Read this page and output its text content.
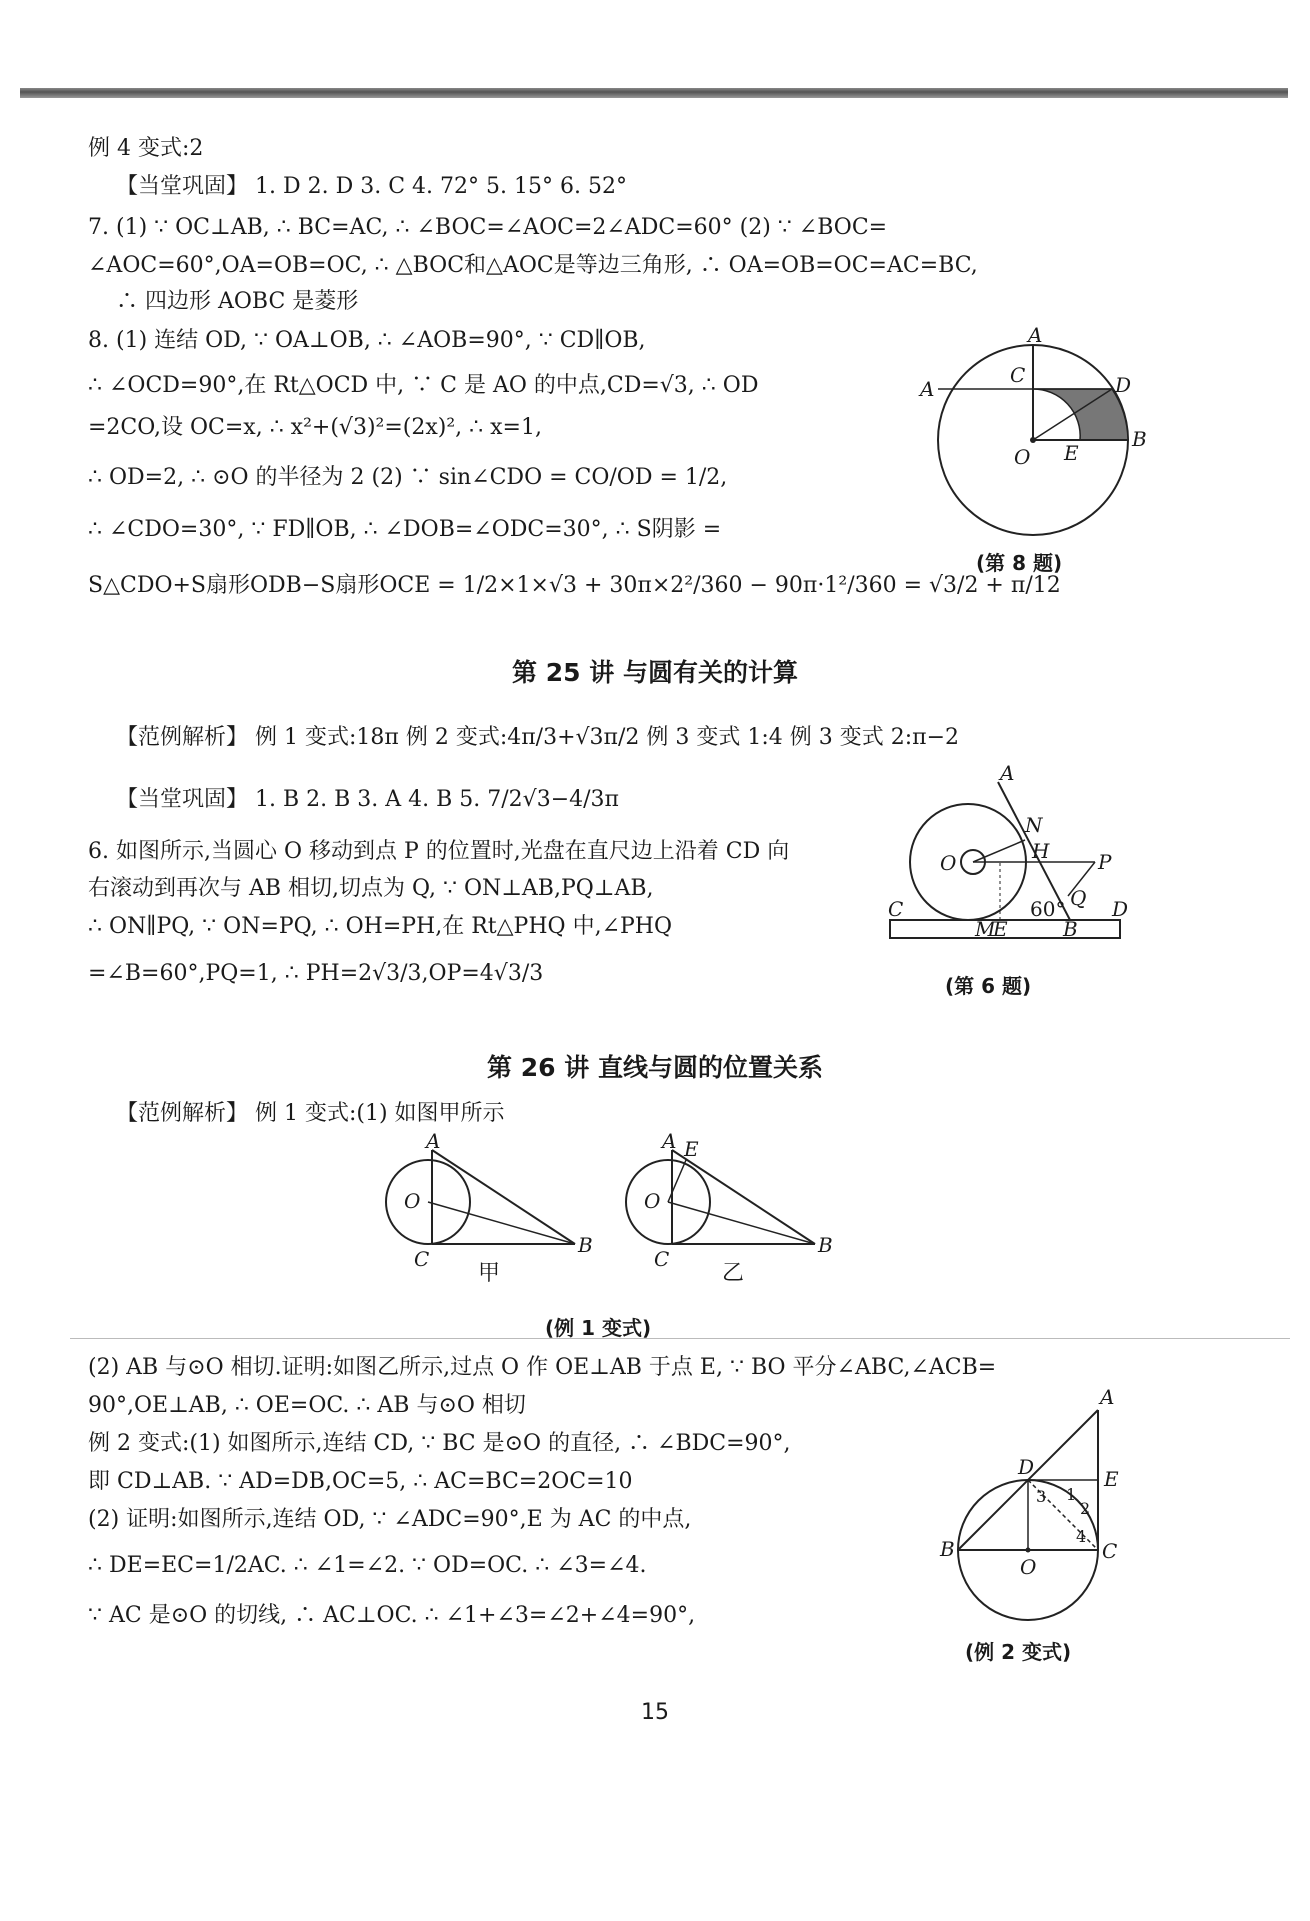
例 4 变式:2
【当堂巩固】 1. D 2. D 3. C 4. 72° 5. 15° 6. 52°
7. (1) ∵ OC⊥AB, ∴ BC=AC, ∴ ∠BOC=∠AOC=2∠ADC=60° (2) ∵ ∠BOC=
∠AOC=60°,OA=OB=OC, ∴ △BOC和△AOC是等边三角形, ∴ OA=OB=OC=AC=BC,
∴ 四边形 AOBC 是菱形
8. (1) 连结 OD, ∵ OA⊥OB, ∴ ∠AOB=90°, ∵ CD∥OB,
∴ ∠OCD=90°,在 Rt△OCD 中, ∵ C 是 AO 的中点,CD=√3, ∴ OD
=2CO,设 OC=x, ∴ x²+(√3)²=(2x)², ∴ x=1,
∴ OD=2, ∴ ⊙O 的半径为 2 (2) ∵ sin∠CDO = CO/OD = 1/2,
∴ ∠CDO=30°, ∵ FD∥OB, ∴ ∠DOB=∠ODC=30°, ∴ S阴影 =
S△CDO+S扇形ODB−S扇形OCE = 1/2×1×√3 + 30π×2²/360 − 90π·1²/360 = √3/2 + π/12
A
A
C	D
B
O E
(第 8 题)
第 25 讲 与圆有关的计算
【范例解析】 例 1 变式:18π 例 2 变式:4π/3+√3π/2 例 3 变式 1:4 例 3 变式 2:π−2
【当堂巩固】 1. B 2. B 3. A 4. B 5. 7/2√3−4/3π
6. 如图所示,当圆心 O 移动到点 P 的位置时,光盘在直尺边上沿着 CD 向
右滚动到再次与 AB 相切,切点为 Q, ∵ ON⊥AB,PQ⊥AB,
∴ ON∥PQ, ∵ ON=PQ, ∴ OH=PH,在 Rt△PHQ 中,∠PHQ
=∠B=60°,PQ=1, ∴ PH=2√3/3,OP=4√3/3
A
N
H P
Q
O
C	D
60°
M
E	B
(第 6 题)
第 26 讲 直线与圆的位置关系
【范例解析】 例 1 变式:(1) 如图甲所示
A
O
C
B
甲
A E
O
C
B
乙
(例 1 变式)
(2) AB 与⊙O 相切.证明:如图乙所示,过点 O 作 OE⊥AB 于点 E, ∵ BO 平分∠ABC,∠ACB=
90°,OE⊥AB, ∴ OE=OC. ∴ AB 与⊙O 相切
例 2 变式:(1) 如图所示,连结 CD, ∵ BC 是⊙O 的直径, ∴ ∠BDC=90°,
即 CD⊥AB. ∵ AD=DB,OC=5, ∴ AC=BC=2OC=10
(2) 证明:如图所示,连结 OD, ∵ ∠ADC=90°,E 为 AC 的中点,
∴ DE=EC=1/2AC. ∴ ∠1=∠2. ∵ OD=OC. ∴ ∠3=∠4.
∵ AC 是⊙O 的切线, ∴ AC⊥OC. ∴ ∠1+∠3=∠2+∠4=90°,
A
D	E
B	C
O
1
2
3
4
(例 2 变式)
15
